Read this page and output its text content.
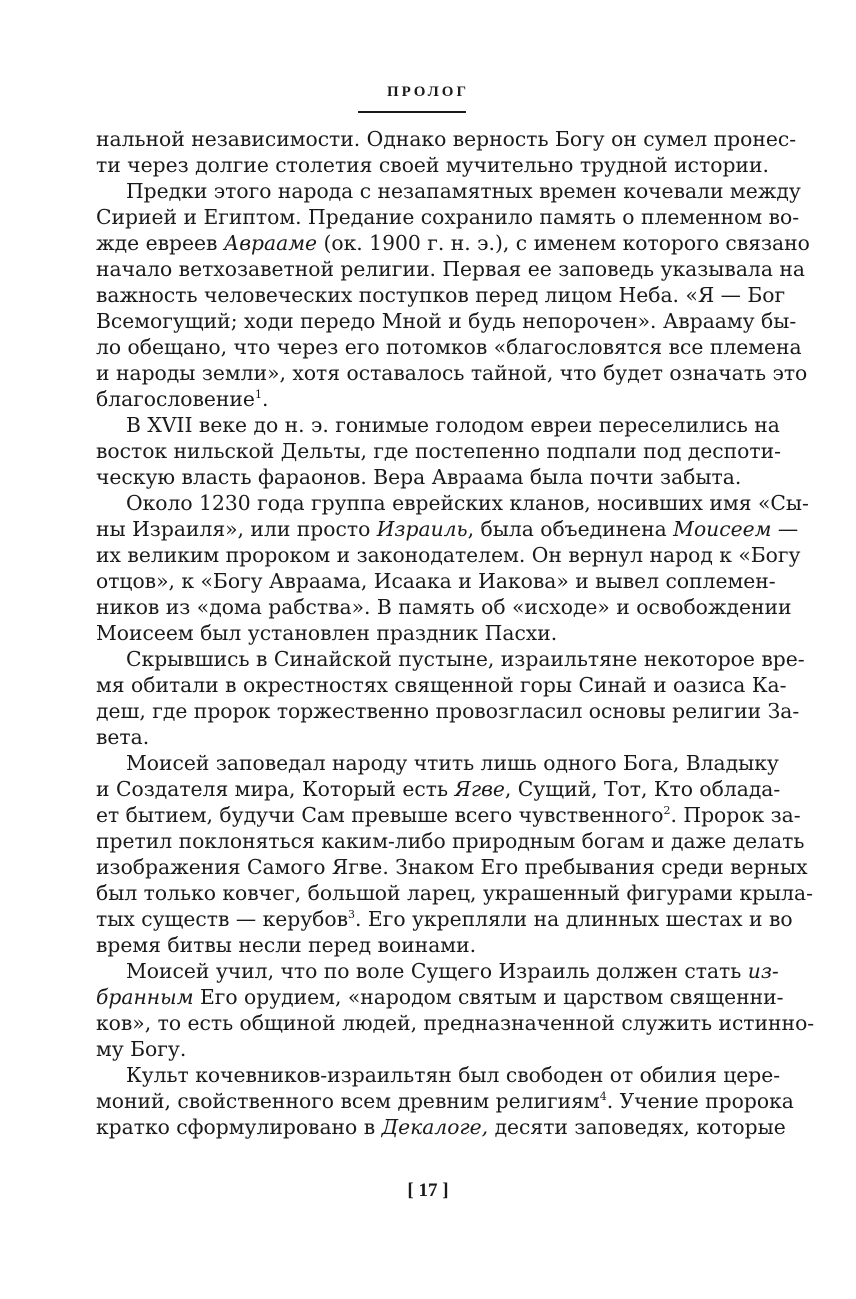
ПРОЛОГ
нальной независимости. Однако верность Богу он сумел пронес-
ти через долгие столетия своей мучительно трудной истории.
Предки этого народа с незапамятных времен кочевали между
Сирией и Египтом. Предание сохранило память о племенном во-
жде евреев Аврааме (ок. 1900 г. н. э.), с именем которого связано
начало ветхозаветной религии. Первая ее заповедь указывала на
важность человеческих поступков перед лицом Неба. «Я — Бог
Всемогущий; ходи передо Мной и будь непорочен». Аврааму бы-
ло обещано, что через его потомков «благословятся все племена
и народы земли», хотя оставалось тайной, что будет означать это
благословение$^1$.
В XVII веке до н. э. гонимые голодом евреи переселились на
восток нильской Дельты, где постепенно подпали под деспоти-
ческую власть фараонов. Вера Авраама была почти забыта.
Около 1230 года группа еврейских кланов, носивших имя «Сы-
ны Израиля», или просто Израиль, была объединена Моисеем —
их великим пророком и законодателем. Он вернул народ к «Богу
отцов», к «Богу Авраама, Исаака и Иакова» и вывел соплемен-
ников из «дома рабства». В память об «исходе» и освобождении
Моисеем был установлен праздник Пасхи.
Скрывшись в Синайской пустыне, израильтяне некоторое вре-
мя обитали в окрестностях священной горы Синай и оазиса Ка-
деш, где пророк торжественно провозгласил основы религии За-
вета.
Моисей заповедал народу чтить лишь одного Бога, Владыку
и Создателя мира, Который есть Ягве, Сущий, Тот, Кто облада-
ет бытием, будучи Сам превыше всего чувственного$^2$. Пророк за-
претил поклоняться каким-либо природным богам и даже делать
изображения Самого Ягве. Знаком Его пребывания среди верных
был только ковчег, большой ларец, украшенный фигурами крыла-
тых существ — керубов$^3$. Его укрепляли на длинных шестах и во
время битвы несли перед воинами.
Моисей учил, что по воле Сущего Израиль должен стать из-
бранным Его орудием, «народом святым и царством священни-
ков», то есть общиной людей, предназначенной служить истинно-
му Богу.
Культ кочевников-израильтян был свободен от обилия цере-
моний, свойственного всем древним религиям$^4$. Учение пророка
кратко сформулировано в Декалоге, десяти заповедях, которые
[ 17 ]
